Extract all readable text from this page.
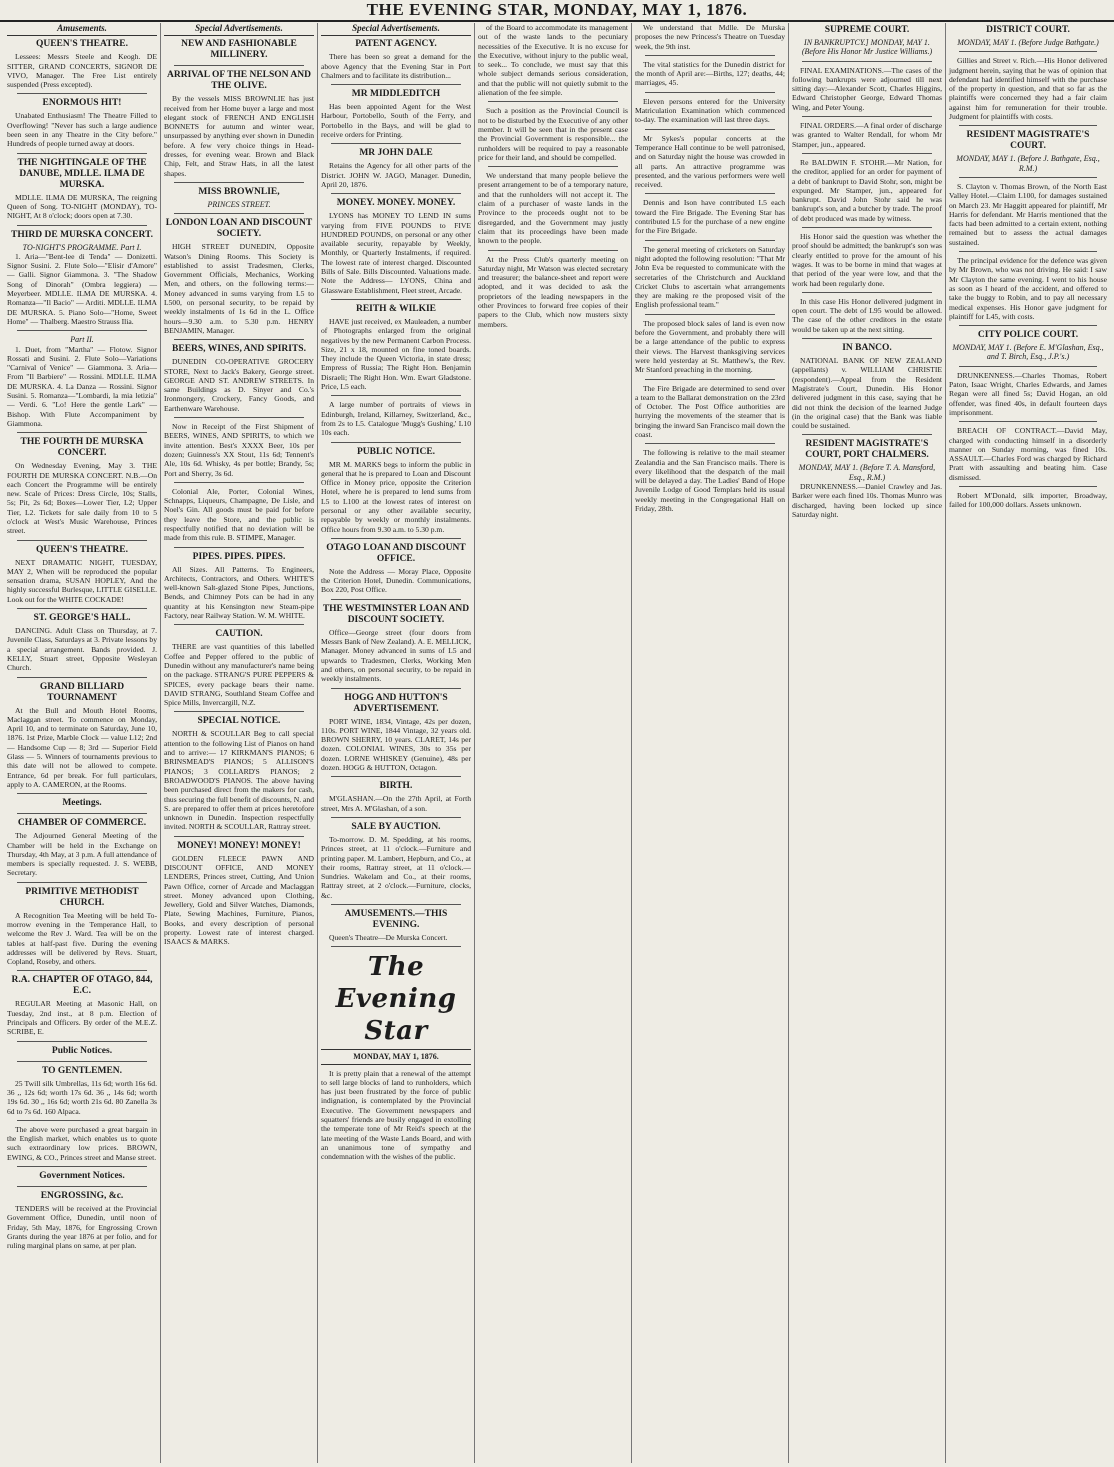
THE EVENING STAR, MONDAY, MAY 1, 1876.
Amusements.
QUEEN'S THEATRE.
Lessees: Messrs Steele and Keogh. DE SITTER, GRAND CONCERTS, SIGNOR DE VIVO, Manager. The Free List entirely suspended (Press excepted).
ENORMOUS HIT!
Unabated Enthusiasm! The Theatre Filled to Overflowing! "Never has such a large audience been seen in any Theatre in the City before." Hundreds of people turned away at doors.
THE NIGHTINGALE OF THE DANUBE, MDLLE. ILMA DE MURSKA.
MDLLE. ILMA DE MURSKA, The reigning Queen of Song. TO-NIGHT (MONDAY), TO-NIGHT, At 8 o'clock; doors open at 7.30.
THIRD DE MURSKA CONCERT.
TO-NIGHT'S PROGRAMME. Part I.
1. Aria—"Bent-lee di Tenda" — Donizetti. Signor Susini. 2. Flute Solo—"Elisir d'Amore" — Galli. Signor Giammona. 3. "The Shadow Song of Dinorah" (Ombra leggiera) — Meyerbeer. MDLLE. ILMA DE MURSKA. 4. Romanza—"Il Bacio" — Arditi. MDLLE. ILMA DE MURSKA. 5. Piano Solo—"Home, Sweet Home" — Thalberg. Maestro Strauss Ilia.
Part II.
1. Duet, from "Martha" — Flotow. Signor Rossati and Susini. 2. Flute Solo—Variations "Carnival of Venice" — Giammona. 3. Aria—From "Il Barbiere" — Rossini. MDLLE. ILMA DE MURSKA. 4. La Danza — Rossini. Signor Susini. 5. Romanza—"Lombardi, la mia letizia" — Verdi. 6. "Lo! Here the gentle Lark" — Bishop. With Flute Accompaniment by Giammona.
THE FOURTH DE MURSKA CONCERT.
On Wednesday Evening, May 3. THE FOURTH DE MURSKA CONCERT. N.B.—On each Concert the Programme will be entirely new. Scale of Prices: Dress Circle, 10s; Stalls, 5s; Pit, 2s 6d; Boxes—Lower Tier, L2; Upper Tier, L2. Tickets for sale daily from 10 to 5 o'clock at West's Music Warehouse, Princes street.
QUEEN'S THEATRE.
NEXT DRAMATIC NIGHT, TUESDAY, MAY 2, When will be reproduced the popular sensation drama, SUSAN HOPLEY, And the highly successful Burlesque, LITTLE GISELLE. Look out for the WHITE COCKADE!
ST. GEORGE'S HALL.
DANCING. Adult Class on Thursday, at 7. Juvenile Class, Saturdays at 3. Private lessons by a special arrangement. Bands provided. J. KELLY, Stuart street, Opposite Wesleyan Church.
GRAND BILLIARD TOURNAMENT
At the Bull and Mouth Hotel Rooms, Maclaggan street. To commence on Monday, April 10, and to terminate on Saturday, June 10, 1876. 1st Prize, Marble Clock — value L12; 2nd — Handsome Cup — 8; 3rd — Superior Field Glass — 5. Winners of tournaments previous to this date will not be allowed to compete. Entrance, 6d per break. For full particulars, apply to A. CAMERON, at the Rooms.
Meetings.
CHAMBER OF COMMERCE.
The Adjourned General Meeting of the Chamber will be held in the Exchange on Thursday, 4th May, at 3 p.m. A full attendance of members is specially requested. J. S. WEBB, Secretary.
PRIMITIVE METHODIST CHURCH.
A Recognition Tea Meeting will be held To-morrow evening in the Temperance Hall, to welcome the Rev J. Ward. Tea will be on the tables at half-past five. During the evening addresses will be delivered by Revs. Stuart, Copland, Roseby, and others.
R.A. CHAPTER OF OTAGO, 844, E.C.
REGULAR Meeting at Masonic Hall, on Tuesday, 2nd inst., at 8 p.m. Election of Principals and Officers. By order of the M.E.Z. SCRIBE, E.
Public Notices.
TO GENTLEMEN.
25 Twill silk Umbrellas, 11s 6d; worth 16s 6d. 36 ,, 12s 6d; worth 17s 6d. 36 ,, 14s 6d; worth 19s 6d. 30 ,, 16s 6d; worth 21s 6d. 80 Zanella 3s 6d to 7s 6d. 160 Alpaca.
The above were purchased a great bargain in the English market, which enables us to quote such extraordinary low prices. BROWN, EWING, & CO., Princes street and Manse street.
Government Notices.
ENGROSSING, &c.
TENDERS will be received at the Provincial Government Office, Dunedin, until noon of Friday, 5th May, 1876, for Engrossing Crown Grants during the year 1876 at per folio, and for ruling marginal plans on same, at per plan.
Special Advertisements.
NEW AND FASHIONABLE MILLINERY.
ARRIVAL OF THE NELSON AND THE OLIVE.
By the vessels MISS BROWNLIE has just received from her Home buyer a large and most elegant stock of FRENCH AND ENGLISH BONNETS for autumn and winter wear, unsurpassed by anything ever shown in Dunedin before. A few very choice things in Head-dresses, for evening wear. Brown and Black Chip, Felt, and Straw Hats, in all the latest shapes.
MISS BROWNLIE,
PRINCES STREET.
LONDON LOAN AND DISCOUNT SOCIETY.
HIGH STREET DUNEDIN, Opposite Watson's Dining Rooms. This Society is established to assist Tradesmen, Clerks, Government Officials, Mechanics, Working Men, and others, on the following terms:— Money advanced in sums varying from L5 to L500, on personal security, to be repaid by weekly instalments of 1s 6d in the L. Office hours—9.30 a.m. to 5.30 p.m. HENRY BENJAMIN, Manager.
BEERS, WINES, AND SPIRITS.
DUNEDIN CO-OPERATIVE GROCERY STORE, Next to Jack's Bakery, George street. GEORGE AND ST. ANDREW STREETS. In same Buildings as D. Sinyer and Co.'s Ironmongery, Crockery, Fancy Goods, and Earthenware Warehouse.
Now in Receipt of the First Shipment of BEERS, WINES, AND SPIRITS, to which we invite attention. Best's XXXX Beer, 10s per dozen; Guinness's XX Stout, 11s 6d; Tennent's Ale, 10s 6d. Whisky, 4s per bottle; Brandy, 5s; Port and Sherry, 3s 6d.
Colonial Ale, Porter, Colonial Wines, Schnapps, Liqueurs, Champagne, De Lisle, and Noel's Gin. All goods must be paid for before they leave the Store, and the public is respectfully notified that no deviation will be made from this rule. B. STIMPE, Manager.
PIPES. PIPES. PIPES.
All Sizes. All Patterns. To Engineers, Architects, Contractors, and Others. WHITE'S well-known Salt-glazed Stone Pipes, Junctions, Bends, and Chimney Pots can be had in any quantity at his Kensington new Steam-pipe Factory, near Railway Station. W. M. WHITE.
CAUTION.
THERE are vast quantities of this labelled Coffee and Pepper offered to the public of Dunedin without any manufacturer's name being on the package. STRANG'S PURE PEPPERS & SPICES, every package bears their name. DAVID STRANG, Southland Steam Coffee and Spice Mills, Invercargill, N.Z.
SPECIAL NOTICE.
NORTH & SCOULLAR Beg to call special attention to the following List of Pianos on hand and to arrive:— 17 KIRKMAN'S PIANOS; 6 BRINSMEAD'S PIANOS; 5 ALLISON'S PIANOS; 3 COLLARD'S PIANOS; 2 BROADWOOD'S PIANOS. The above having been purchased direct from the makers for cash, thus securing the full benefit of discounts, N. and S. are prepared to offer them at prices heretofore unknown in Dunedin. Inspection respectfully invited. NORTH & SCOULLAR, Rattray street.
MONEY! MONEY! MONEY!
GOLDEN FLEECE PAWN AND DISCOUNT OFFICE, AND MONEY LENDERS, Princes street, Cutting, And Union Pawn Office, corner of Arcade and Maclaggan street. Money advanced upon Clothing, Jewellery, Gold and Silver Watches, Diamonds, Plate, Sewing Machines, Furniture, Pianos, Books, and every description of personal property. Lowest rate of interest charged. ISAACS & MARKS.
Special Advertisements.
PATENT AGENCY.
There has been so great a demand for the above Agency that the Evening Star in Port Chalmers and to facilitate its distribution...
MR MIDDLEDITCH
Has been appointed Agent for the West Harbour, Portobello, South of the Ferry, and Portobello in the Bays, and will be glad to receive orders for Printing.
MR JOHN DALE
Retains the Agency for all other parts of the District. JOHN W. JAGO, Manager. Dunedin, April 20, 1876.
MONEY. MONEY. MONEY.
LYONS has MONEY TO LEND IN sums varying from FIVE POUNDS to FIVE HUNDRED POUNDS, on personal or any other available security, repayable by Weekly, Monthly, or Quarterly Instalments, if required. The lowest rate of interest charged. Discounted Bills of Sale. Bills Discounted. Valuations made. Note the Address— LYONS, China and Glassware Establishment, Fleet street, Arcade.
REITH & WILKIE
HAVE just received, ex Mauleaden, a number of Photographs enlarged from the original negatives by the new Permanent Carbon Process. Size, 21 x 18, mounted on fine toned boards. They include the Queen Victoria, in state dress; Empress of Russia; The Right Hon. Benjamin Disraeli; The Right Hon. Wm. Ewart Gladstone. Price, L5 each.
A large number of portraits of views in Edinburgh, Ireland, Killarney, Switzerland, &c., from 2s to L5. Catalogue 'Mugg's Gushing,' L10 10s each.
PUBLIC NOTICE.
MR M. MARKS begs to inform the public in general that he is prepared to Loan and Discount Office in Money price, opposite the Criterion Hotel, where he is prepared to lend sums from L5 to L100 at the lowest rates of interest on personal or any other available security, repayable by weekly or monthly instalments. Office hours from 9.30 a.m. to 5.30 p.m.
OTAGO LOAN AND DISCOUNT OFFICE.
Note the Address — Moray Place, Opposite the Criterion Hotel, Dunedin. Communications, Box 220, Post Office.
THE WESTMINSTER LOAN AND DISCOUNT SOCIETY.
Office—George street (four doors from Messrs Bank of New Zealand). A. E. MELLICK, Manager. Money advanced in sums of L5 and upwards to Tradesmen, Clerks, Working Men and others, on personal security, to be repaid in weekly instalments.
HOGG AND HUTTON'S ADVERTISEMENT.
PORT WINE, 1834, Vintage, 42s per dozen, 110s. PORT WINE, 1844 Vintage, 32 years old. BROWN SHERRY, 10 years. CLARET, 14s per dozen. COLONIAL WINES, 30s to 35s per dozen. LORNE WHISKEY (Genuine), 48s per dozen. HOGG & HUTTON, Octagon.
BIRTH.
M'GLASHAN.—On the 27th April, at Forth street, Mrs A. M'Glashan, of a son.
SALE BY AUCTION.
To-morrow. D. M. Spedding, at his rooms, Princes street, at 11 o'clock.—Furniture and printing paper. M. Lambert, Hepburn, and Co., at their rooms, Rattray street, at 11 o'clock.—Sundries. Wakelam and Co., at their rooms, Rattray street, at 2 o'clock.—Furniture, clocks, &c.
AMUSEMENTS.—THIS EVENING.
Queen's Theatre—De Murska Concert.
The Evening Star
MONDAY, MAY 1, 1876.
It is pretty plain that a renewal of the attempt to sell large blocks of land to runholders, which has just been frustrated by the force of public indignation, is contemplated by the Provincial Executive. The Government newspapers and squatters' friends are busily engaged in extolling the temperate tone of Mr Reid's speech at the late meeting of the Waste Lands Board, and with an unanimous tone of sympathy and condemnation with the wishes of the public.
of the Board to accommodate its management out of the waste lands to the pecuniary necessities of the Executive. It is no excuse for the Executive, without injury to the public weal, to seek... To conclude, we must say that this whole subject demands serious consideration, and that the public will not quietly submit to the alienation of the fee simple.
Such a position as the Provincial Council is not to be disturbed by the Executive of any other member. It will be seen that in the present case the Provincial Government is responsible... the runholders will be required to pay a reasonable price for their land, and should be compelled.
We understand that many people believe the present arrangement to be of a temporary nature, and that the runholders will not accept it. The claim of a purchaser of waste lands in the Province to the proceeds ought not to be disregarded, and the Government may justly claim that its proceedings have been made known to the people.
At the Press Club's quarterly meeting on Saturday night, Mr Watson was elected secretary and treasurer; the balance-sheet and report were adopted, and it was decided to ask the proprietors of the leading newspapers in the other Provinces to forward free copies of their papers to the Club, which now musters sixty members.
We understand that Mdlle. De Murska proposes the new Princess's Theatre on Tuesday week, the 9th inst.
The vital statistics for the Dunedin district for the month of April are:—Births, 127; deaths, 44; marriages, 45.
Eleven persons entered for the University Matriculation Examination which commenced to-day. The examination will last three days.
Mr Sykes's popular concerts at the Temperance Hall continue to be well patronised, and on Saturday night the house was crowded in all parts. An attractive programme was presented, and the various performers were well received.
Dennis and Ison have contributed L5 each toward the Fire Brigade. The Evening Star has contributed L5 for the purchase of a new engine for the Fire Brigade.
The general meeting of cricketers on Saturday night adopted the following resolution: "That Mr John Eva be requested to communicate with the secretaries of the Christchurch and Auckland Cricket Clubs to ascertain what arrangements they are making re the proposed visit of the English professional team."
The proposed block sales of land is even now before the Government, and probably there will be a large attendance of the public to express their views. The Harvest thanksgiving services were held yesterday at St. Matthew's, the Rev. Mr Stanford preaching in the morning.
The Fire Brigade are determined to send over a team to the Ballarat demonstration on the 23rd of October. The Post Office authorities are hurrying the movements of the steamer that is bringing the inward San Francisco mail down the coast.
The following is relative to the mail steamer Zealandia and the San Francisco mails. There is every likelihood that the despatch of the mail will be delayed a day. The Ladies' Band of Hope Juvenile Lodge of Good Templars held its usual weekly meeting in the Congregational Hall on Friday, 28th.
SUPREME COURT.
IN BANKRUPTCY.] MONDAY, MAY 1. (Before His Honor Mr Justice Williams.)
FINAL EXAMINATIONS.—The cases of the following bankrupts were adjourned till next sitting day:—Alexander Scott, Charles Higgins, Edward Christopher George, Edward Thomas Wing, and Peter Young.
FINAL ORDERS.—A final order of discharge was granted to Walter Rendall, for whom Mr Stamper, jun., appeared.
Re BALDWIN F. STOHR.—Mr Nation, for the creditor, applied for an order for payment of a debt of bankrupt to David Stohr, son, might be expunged. Mr Stamper, jun., appeared for bankrupt. David John Stohr said he was bankrupt's son, and a butcher by trade. The proof of debt produced was made by witness.
His Honor said the question was whether the proof should be admitted; the bankrupt's son was clearly entitled to prove for the amount of his wages. It was to be borne in mind that wages at that period of the year were low, and that the work had been regularly done.
In this case His Honor delivered judgment in open court. The debt of L95 would be allowed. The case of the other creditors in the estate would be taken up at the next sitting.
IN BANCO.
NATIONAL BANK OF NEW ZEALAND (appellants) v. WILLIAM CHRISTIE (respondent).—Appeal from the Resident Magistrate's Court, Dunedin. His Honor delivered judgment in this case, saying that he did not think the decision of the learned Judge (in the original case) that the Bank was liable could be sustained.
RESIDENT MAGISTRATE'S COURT, PORT CHALMERS.
MONDAY, MAY 1. (Before T. A. Mansford, Esq., R.M.)
DRUNKENNESS.—Daniel Crawley and Jas. Barker were each fined 10s. Thomas Munro was discharged, having been locked up since Saturday night.
DISTRICT COURT.
MONDAY, MAY 1. (Before Judge Bathgate.)
Gillies and Street v. Rich.—His Honor delivered judgment herein, saying that he was of opinion that defendant had identified himself with the purchase of the property in question, and that so far as the plaintiffs were concerned they had a fair claim against him for remuneration for their trouble. Judgment for plaintiffs with costs.
RESIDENT MAGISTRATE'S COURT.
MONDAY, MAY 1. (Before J. Bathgate, Esq., R.M.)
S. Clayton v. Thomas Brown, of the North East Valley Hotel.—Claim L100, for damages sustained on March 23. Mr Haggitt appeared for plaintiff, Mr Harris for defendant. Mr Harris mentioned that the facts had been admitted to a certain extent, nothing remained but to assess the actual damages sustained.
The principal evidence for the defence was given by Mr Brown, who was not driving. He said: I saw Mr Clayton the same evening. I went to his house as soon as I heard of the accident, and offered to take the buggy to Robin, and to pay all necessary medical expenses. His Honor gave judgment for plaintiff for L45, with costs.
CITY POLICE COURT.
MONDAY, MAY 1. (Before E. M'Glashan, Esq., and T. Birch, Esq., J.P.'s.)
DRUNKENNESS.—Charles Thomas, Robert Paton, Isaac Wright, Charles Edwards, and James Regan were all fined 5s; David Hogan, an old offender, was fined 40s, in default fourteen days imprisonment.
BREACH OF CONTRACT.—David May, charged with conducting himself in a disorderly manner on Sunday morning, was fined 10s. ASSAULT.—Charles Ford was charged by Richard Pratt with assaulting and beating him. Case dismissed.
Robert M'Donald, silk importer, Broadway, failed for 100,000 dollars. Assets unknown.
